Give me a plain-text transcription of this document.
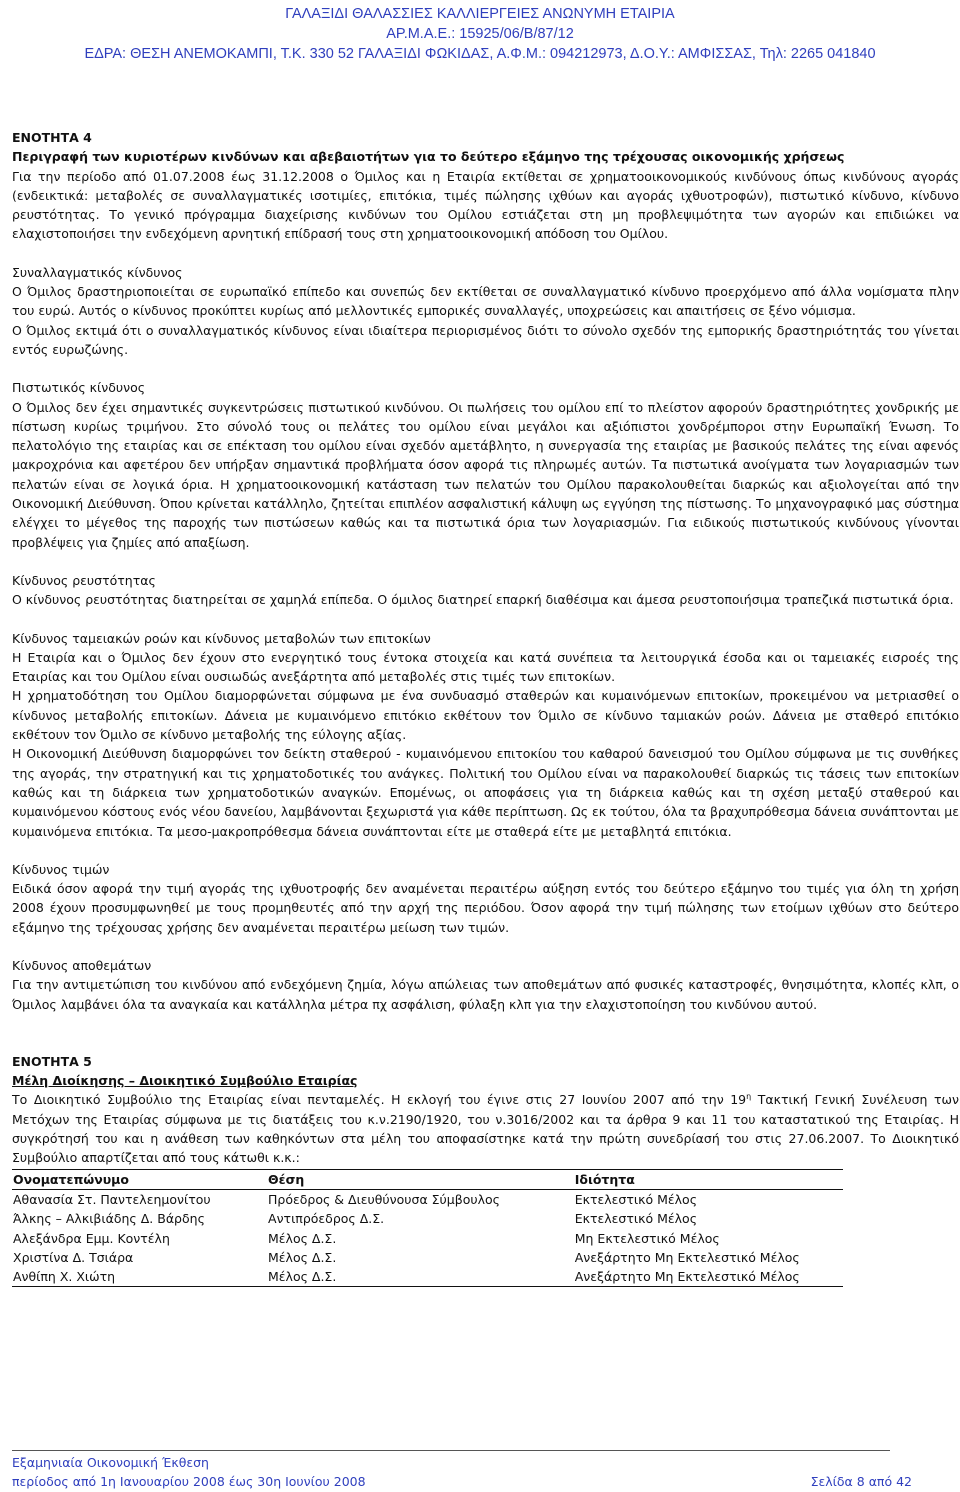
ΓΑΛΑΞΙΔΙ ΘΑΛΑΣΣΙΕΣ ΚΑΛΛΙΕΡΓΕΙΕΣ ΑΝΩΝΥΜΗ ΕΤΑΙΡΙΑ
ΑΡ.Μ.Α.Ε.: 15925/06/Β/87/12
ΕΔΡΑ: ΘΕΣΗ ΑΝΕΜΟΚΑΜΠΙ, Τ.Κ. 330 52 ΓΑΛΑΞΙΔΙ ΦΩΚΙΔΑΣ, Α.Φ.Μ.: 094212973, Δ.Ο.Υ.: ΑΜΦΙΣΣΑΣ, Τηλ: 2265 041840

ΕΝΟΤΗΤΑ 4

Περιγραφή των κυριοτέρων κινδύνων και αβεβαιοτήτων για το δεύτερο εξάμηνο της τρέχουσας οικονομικής χρήσεως

Για την περίοδο από 01.07.2008 έως 31.12.2008 ο Όμιλος και η Εταιρία εκτίθεται σε χρηματοοικονομικούς κινδύνους όπως κινδύνους αγοράς (ενδεικτικά: μεταβολές σε συναλλαγματικές ισοτιμίες, επιτόκια, τιμές πώλησης ιχθύων και αγοράς ιχθυοτροφών), πιστωτικό κίνδυνο, κίνδυνο ρευστότητας. Το γενικό πρόγραμμα διαχείρισης κινδύνων του Ομίλου εστιάζεται στη μη προβλεψιμότητα των αγορών και επιδιώκει να ελαχιστοποιήσει την ενδεχόμενη αρνητική επίδρασή τους στη χρηματοοικονομική απόδοση του Ομίλου.

Συναλλαγματικός κίνδυνος

Ο Όμιλος δραστηριοποιείται σε ευρωπαϊκό επίπεδο και συνεπώς δεν εκτίθεται σε συναλλαγματικό κίνδυνο προερχόμενο από άλλα νομίσματα πλην του ευρώ. Αυτός ο κίνδυνος προκύπτει κυρίως από μελλοντικές εμπορικές συναλλαγές, υποχρεώσεις και απαιτήσεις σε ξένο νόμισμα.

Ο Όμιλος εκτιμά ότι ο συναλλαγματικός κίνδυνος είναι ιδιαίτερα περιορισμένος διότι το σύνολο σχεδόν της εμπορικής δραστηριότητάς του γίνεται εντός ευρωζώνης.

Πιστωτικός κίνδυνος

Ο Όμιλος δεν έχει σημαντικές συγκεντρώσεις πιστωτικού κινδύνου. Οι πωλήσεις του ομίλου επί το πλείστον αφορούν δραστηριότητες χονδρικής με πίστωση κυρίως τριμήνου. Στο σύνολό τους οι πελάτες του ομίλου είναι μεγάλοι και αξιόπιστοι χονδρέμποροι στην Ευρωπαϊκή Ένωση. Το πελατολόγιο της εταιρίας και σε επέκταση του ομίλου είναι σχεδόν αμετάβλητο, η συνεργασία της εταιρίας με βασικούς πελάτες της είναι αφενός μακροχρόνια και αφετέρου δεν υπήρξαν σημαντικά προβλήματα όσον αφορά τις πληρωμές αυτών. Τα πιστωτικά ανοίγματα των λογαριασμών των πελατών είναι σε λογικά όρια. Η χρηματοοικονομική κατάσταση των πελατών του Ομίλου παρακολουθείται διαρκώς και αξιολογείται από την Οικονομική Διεύθυνση. Όπου κρίνεται κατάλληλο, ζητείται επιπλέον ασφαλιστική κάλυψη ως εγγύηση της πίστωσης. Το μηχανογραφικό μας σύστημα ελέγχει το μέγεθος της παροχής των πιστώσεων καθώς και τα πιστωτικά όρια των λογαριασμών. Για ειδικούς πιστωτικούς κινδύνους γίνονται προβλέψεις για ζημίες από απαξίωση.

Κίνδυνος ρευστότητας

Ο κίνδυνος ρευστότητας διατηρείται σε χαμηλά επίπεδα. Ο όμιλος διατηρεί επαρκή διαθέσιμα και άμεσα ρευστοποιήσιμα τραπεζικά πιστωτικά όρια.

Κίνδυνος ταμειακών ροών και κίνδυνος μεταβολών των επιτοκίων

Η Εταιρία και ο Όμιλος δεν έχουν στο ενεργητικό τους έντοκα στοιχεία και κατά συνέπεια τα λειτουργικά έσοδα και οι ταμειακές εισροές της Εταιρίας και του Ομίλου είναι ουσιωδώς ανεξάρτητα από μεταβολές στις τιμές των επιτοκίων.

Η χρηματοδότηση του Ομίλου διαμορφώνεται σύμφωνα με ένα συνδυασμό σταθερών και κυμαινόμενων επιτοκίων, προκειμένου να μετριασθεί ο κίνδυνος μεταβολής επιτοκίων. Δάνεια με κυμαινόμενο επιτόκιο εκθέτουν τον Όμιλο σε κίνδυνο ταμιακών ροών. Δάνεια με σταθερό επιτόκιο εκθέτουν τον Όμιλο σε κίνδυνο μεταβολής της εύλογης αξίας.

Η Οικονομική Διεύθυνση διαμορφώνει τον δείκτη σταθερού - κυμαινόμενου επιτοκίου του καθαρού δανεισμού του Ομίλου σύμφωνα με τις συνθήκες της αγοράς, την στρατηγική και τις χρηματοδοτικές του ανάγκες. Πολιτική του Ομίλου είναι να παρακολουθεί διαρκώς τις τάσεις των επιτοκίων καθώς και τη διάρκεια των χρηματοδοτικών αναγκών. Επομένως, οι αποφάσεις για τη διάρκεια καθώς και τη σχέση μεταξύ σταθερού και κυμαινόμενου κόστους ενός νέου δανείου, λαμβάνονται ξεχωριστά για κάθε περίπτωση. Ως εκ τούτου, όλα τα βραχυπρόθεσμα δάνεια συνάπτονται με κυμαινόμενα επιτόκια. Τα μεσο-μακροπρόθεσμα δάνεια συνάπτονται είτε με σταθερά είτε με μεταβλητά επιτόκια.

Κίνδυνος τιμών

Ειδικά όσον αφορά την τιμή αγοράς της ιχθυοτροφής δεν αναμένεται περαιτέρω αύξηση εντός του δεύτερο εξάμηνο του τιμές για όλη τη χρήση 2008 έχουν προσυμφωνηθεί με τους προμηθευτές από την αρχή της περιόδου. Όσον αφορά την τιμή πώλησης των ετοίμων ιχθύων στο δεύτερο εξάμηνο της τρέχουσας χρήσης δεν αναμένεται περαιτέρω μείωση των τιμών.

Κίνδυνος αποθεμάτων

Για την αντιμετώπιση του κινδύνου από ενδεχόμενη ζημία, λόγω απώλειας των αποθεμάτων από φυσικές καταστροφές, θνησιμότητα, κλοπές κλπ, ο Όμιλος λαμβάνει όλα τα αναγκαία και κατάλληλα μέτρα πχ ασφάλιση, φύλαξη κλπ για την ελαχιστοποίηση του κινδύνου αυτού.

ΕΝΟΤΗΤΑ 5

Μέλη Διοίκησης – Διοικητικό Συμβούλιο Εταιρίας

Το Διοικητικό Συμβούλιο της Εταιρίας είναι πενταμελές. Η εκλογή του έγινε στις 27 Ιουνίου 2007 από την $19^\eta$ Τακτική Γενική Συνέλευση των Μετόχων της Εταιρίας σύμφωνα με τις διατάξεις του κ.ν.2190/1920, του ν.3016/2002 και τα άρθρα 9 και 11 του καταστατικού της Εταιρίας. Η συγκρότησή του και η ανάθεση των καθηκόντων στα μέλη του αποφασίστηκε κατά την πρώτη συνεδρίασή του στις 27.06.2007. Το Διοικητικό Συμβούλιο απαρτίζεται από τους κάτωθι κ.κ.:

Ονοματεπώνυμο	Θέση	Ιδιότητα
Αθανασία Στ. Παντελεημονίτου	Πρόεδρος & Διευθύνουσα Σύμβουλος	Εκτελεστικό Μέλος
Άλκης – Αλκιβιάδης Δ. Βάρδης	Αντιπρόεδρος Δ.Σ.	Εκτελεστικό Μέλος
Αλεξάνδρα Εμμ. Κοντέλη	Μέλος Δ.Σ.	Μη Εκτελεστικό Μέλος
Χριστίνα Δ. Τσιάρα	Μέλος Δ.Σ.	Ανεξάρτητο Μη Εκτελεστικό Μέλος
Ανθίπη Χ. Χιώτη	Μέλος Δ.Σ.	Ανεξάρτητο Μη Εκτελεστικό Μέλος
Εξαμηνιαία Οικονομική Έκθεση
περίοδος από 1η Ιανουαρίου 2008 έως 30η Ιουνίου 2008	Σελίδα 8 από 42
